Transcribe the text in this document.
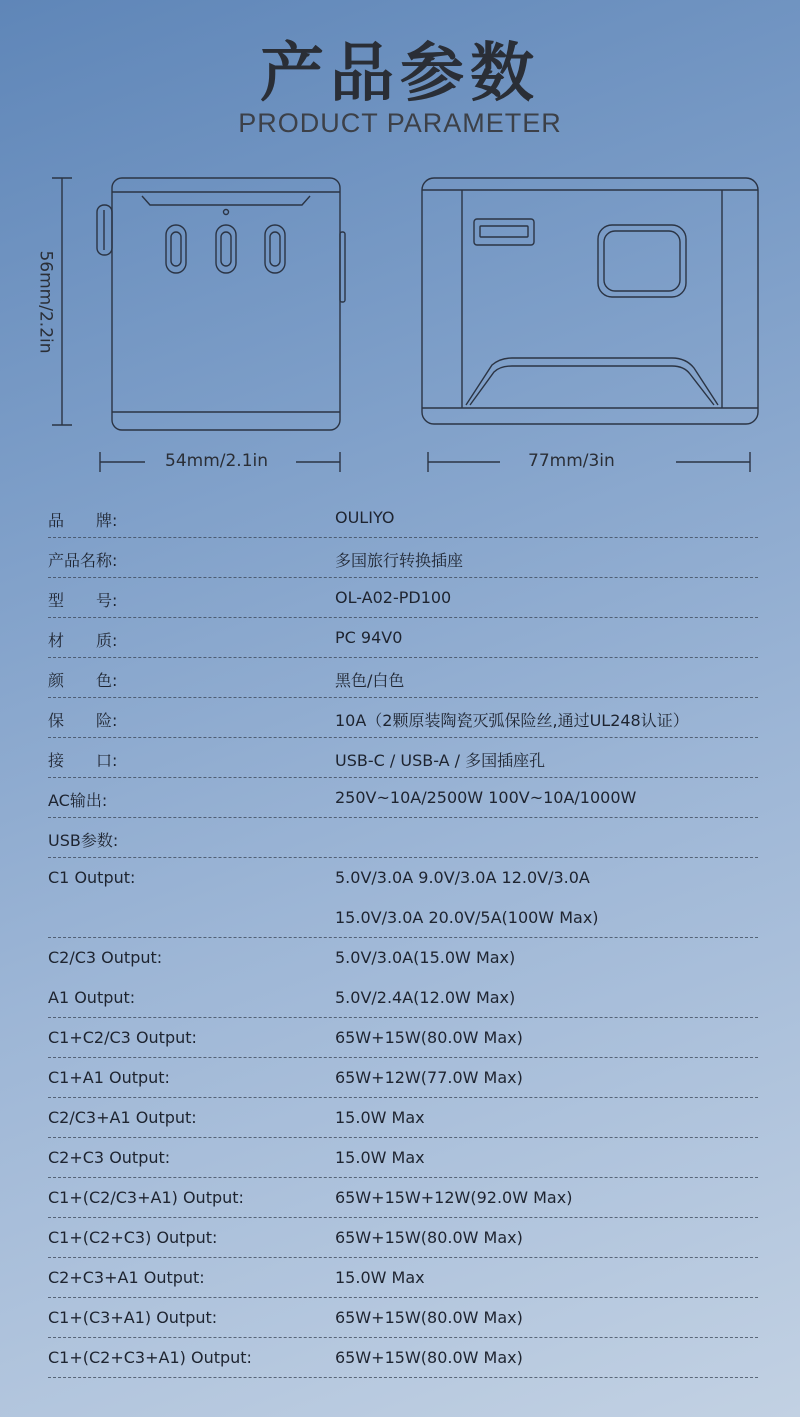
产品参数
PRODUCT PARAMETER
56mm/2.2in
54mm/2.1in	77mm/3in
品　　牌:	OULIYO
产品名称:	多国旅行转换插座
型　　号:	OL-A02-PD100
材　　质:	PC 94V0
颜　　色:	黑色/白色
保　　险:	10A（2颗原装陶瓷灭弧保险丝,通过UL248认证）
接　　口:	USB-C / USB-A / 多国插座孔
AC输出:	250V~10A/2500W 100V~10A/1000W
USB参数:
C1 Output:	5.0V/3.0A 9.0V/3.0A 12.0V/3.0A
15.0V/3.0A 20.0V/5A(100W Max)
C2/C3 Output:	5.0V/3.0A(15.0W Max)
A1 Output:	5.0V/2.4A(12.0W Max)
C1+C2/C3 Output:	65W+15W(80.0W Max)
C1+A1 Output:	65W+12W(77.0W Max)
C2/C3+A1 Output:	15.0W Max
C2+C3 Output:	15.0W Max
C1+(C2/C3+A1) Output:	65W+15W+12W(92.0W Max)
C1+(C2+C3) Output:	65W+15W(80.0W Max)
C2+C3+A1 Output:	15.0W Max
C1+(C3+A1) Output:	65W+15W(80.0W Max)
C1+(C2+C3+A1) Output:	65W+15W(80.0W Max)
